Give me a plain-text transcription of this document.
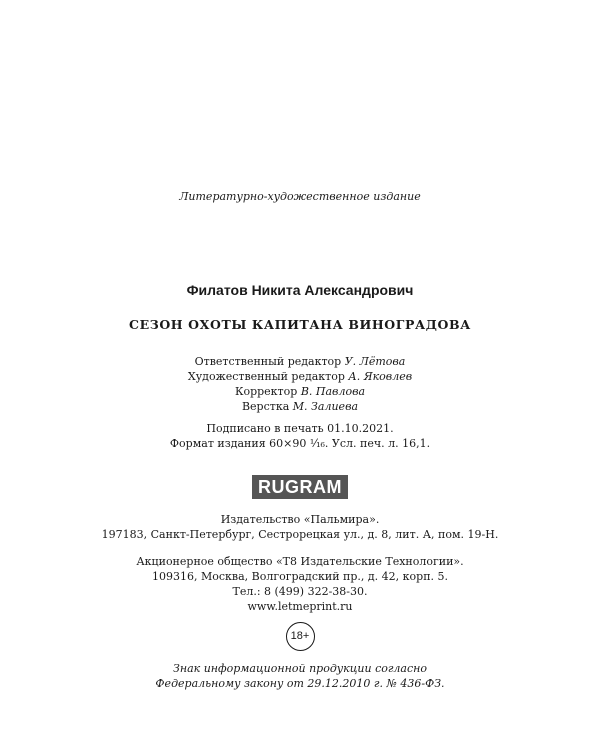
Литературно-художественное издание
Филатов Никита Александрович
СЕЗОН ОХОТЫ КАПИТАНА ВИНОГРАДОВА
Ответственный редактор У. Лётова
Художественный редактор А. Яковлев
Корректор В. Павлова
Верстка М. Залиева
Подписано в печать 01.10.2021.
Формат издания 60×90 ¹⁄₁₆. Усл. печ. л. 16,1.
RUGRAM
Издательство «Пальмира».
197183, Санкт-Петербург, Сестрорецкая ул., д. 8, лит. А, пом. 19-Н.
Акционерное общество «Т8 Издательские Технологии».
109316, Москва, Волгоградский пр., д. 42, корп. 5.
Тел.: 8 (499) 322-38-30.
www.letmeprint.ru
18+
Знак информационной продукции согласно
Федеральному закону от 29.12.2010 г. № 436-ФЗ.
